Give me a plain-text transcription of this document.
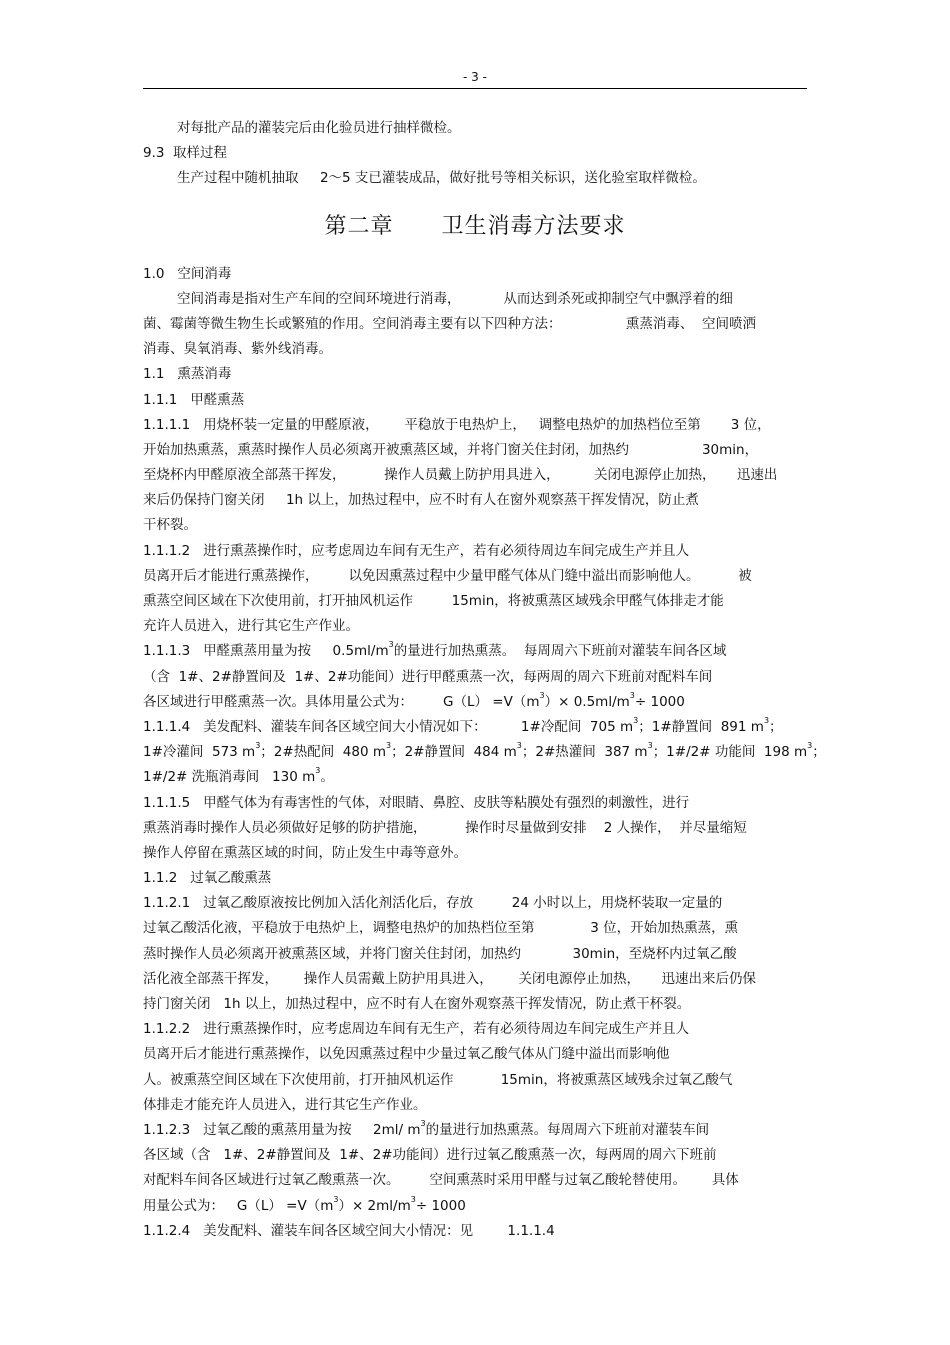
- 3 -
对每批产品的灌装完后由化验员进行抽样微检。
9.3  取样过程
生产过程中随机抽取     2～5 支已灌装成品，做好批号等相关标识，送化验室取样微检。
第二章      卫生消毒方法要求
1.0   空间消毒
空间消毒是指对生产车间的空间环境进行消毒，          从而达到杀死或抑制空气中飘浮着的细
菌、霉菌等微生物生长或繁殖的作用。空间消毒主要有以下四种方法：               熏蒸消毒、  空间喷洒
消毒、臭氧消毒、紫外线消毒。
1.1   熏蒸消毒
1.1.1   甲醛熏蒸
1.1.1.1   用烧杯装一定量的甲醛原液，      平稳放于电热炉上，   调整电热炉的加热档位至第       3 位，
开始加热熏蒸，熏蒸时操作人员必须离开被熏蒸区域，并将门窗关住封闭，加热约                 30min，
至烧杯内甲醛原液全部蒸干挥发，         操作人员戴上防护用具进入，        关闭电源停止加热，     迅速出
来后仍保持门窗关闭     1h 以上，加热过程中，应不时有人在窗外观察蒸干挥发情况，防止煮
干杯裂。
1.1.1.2   进行熏蒸操作时，应考虑周边车间有无生产，若有必须待周边车间完成生产并且人
员离开后才能进行熏蒸操作，       以免因熏蒸过程中少量甲醛气体从门缝中溢出而影响他人。         被
熏蒸空间区域在下次使用前，打开抽风机运作         15min，将被熏蒸区域残余甲醛气体排走才能
充许人员进入，进行其它生产作业。
1.1.1.3   甲醛熏蒸用量为按     $0.5ml/m^3$的量进行加热熏蒸。  每周周六下班前对灌装车间各区域
（含  1#、2#静置间及  1#、2#功能间）进行甲醛熏蒸一次，每两周的周六下班前对配料车间
各区域进行甲醛熏蒸一次。具体用量公式为：       $G(L) =V(m^3)\times 0.5ml/m^3\div 1000$
1.1.1.4   美发配料、灌装车间各区域空间大小情况如下：        1#冷配间  705 $m^3$；1#静置间  891 $m^3$；
1#冷灌间  573 $m^3$；2#热配间  480 $m^3$；2#静置间  484 $m^3$；2#热灌间  387 $m^3$；1#/2# 功能间  198 $m^3$；
1#/2# 洗瓶消毒间   130 $m^3$。
1.1.1.5   甲醛气体为有毒害性的气体，对眼睛、鼻腔、皮肤等粘膜处有强烈的刺激性，进行
熏蒸消毒时操作人员必须做好足够的防护措施，         操作时尽量做到安排    2 人操作，  并尽量缩短
操作人停留在熏蒸区域的时间，防止发生中毒等意外。
1.1.2   过氧乙酸熏蒸
1.1.2.1   过氧乙酸原液按比例加入活化剂活化后，存放         24 小时以上，用烧杯装取一定量的
过氧乙酸活化液，平稳放于电热炉上，调整电热炉的加热档位至第             3 位，开始加热熏蒸，熏
蒸时操作人员必须离开被熏蒸区域，并将门窗关住封闭，加热约            30min，至烧杯内过氧乙酸
活化液全部蒸干挥发，      操作人员需戴上防护用具进入，      关闭电源停止加热，     迅速出来后仍保
持门窗关闭   1h 以上，加热过程中，应不时有人在窗外观察蒸干挥发情况，防止煮干杯裂。
1.1.2.2   进行熏蒸操作时，应考虑周边车间有无生产，若有必须待周边车间完成生产并且人
员离开后才能进行熏蒸操作，以免因熏蒸过程中少量过氧乙酸气体从门缝中溢出而影响他
人。被熏蒸空间区域在下次使用前，打开抽风机运作           15min，将被熏蒸区域残余过氧乙酸气
体排走才能充许人员进入，进行其它生产作业。
1.1.2.3   过氧乙酸的熏蒸用量为按     2ml/ $m^3$的量进行加热熏蒸。每周周六下班前对灌装车间
各区域（含   1#、2#静置间及  1#、2#功能间）进行过氧乙酸熏蒸一次，每两周的周六下班前
对配料车间各区域进行过氧乙酸熏蒸一次。       空间熏蒸时采用甲醛与过氧乙酸轮替使用。      具体
用量公式为：   $G(L) =V(m^3)\times 2ml/m^3\div 1000$
1.1.2.4   美发配料、灌装车间各区域空间大小情况：见        1.1.1.4
